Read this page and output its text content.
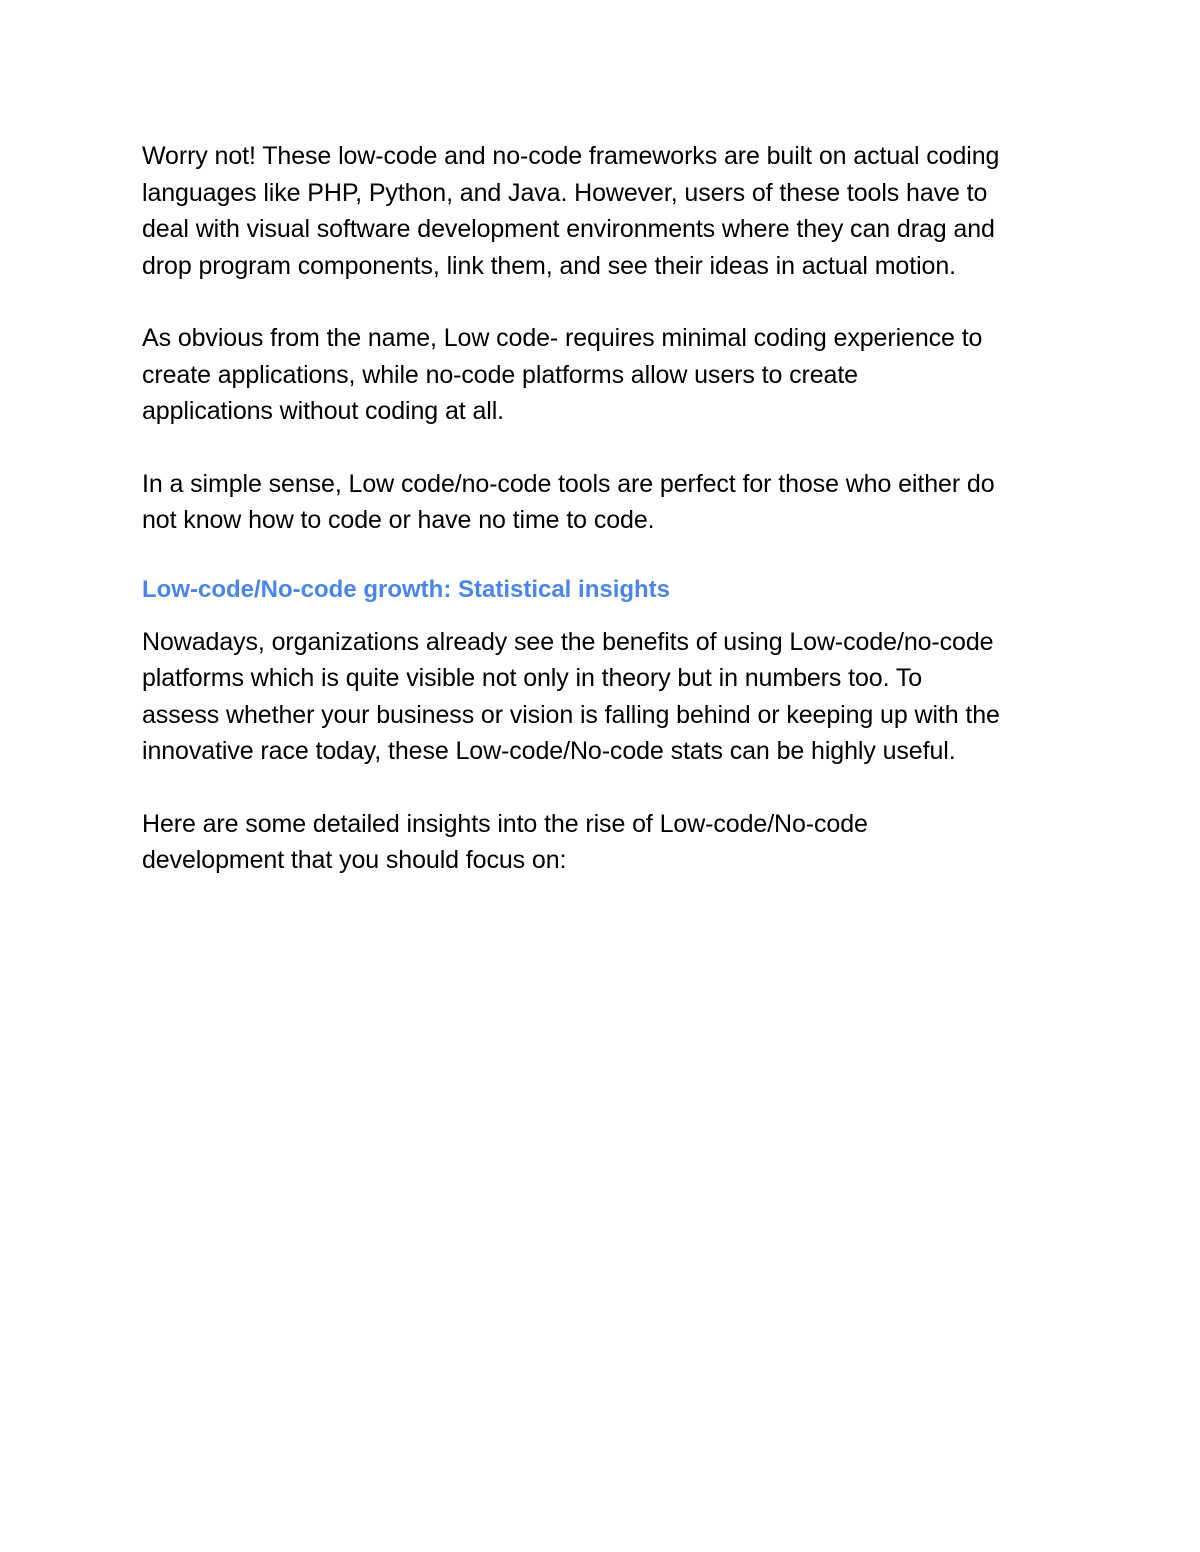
Worry not! These low-code and no-code frameworks are built on actual coding
languages like PHP, Python, and Java. However, users of these tools have to
deal with visual software development environments where they can drag and
drop program components, link them, and see their ideas in actual motion.

As obvious from the name, Low code- requires minimal coding experience to
create applications, while no-code platforms allow users to create
applications without coding at all.

In a simple sense, Low code/no-code tools are perfect for those who either do
not know how to code or have no time to code.

Low-code/No-code growth: Statistical insights

Nowadays, organizations already see the benefits of using Low-code/no-code
platforms which is quite visible not only in theory but in numbers too. To
assess whether your business or vision is falling behind or keeping up with the
innovative race today, these Low-code/No-code stats can be highly useful.

Here are some detailed insights into the rise of Low-code/No-code
development that you should focus on:
